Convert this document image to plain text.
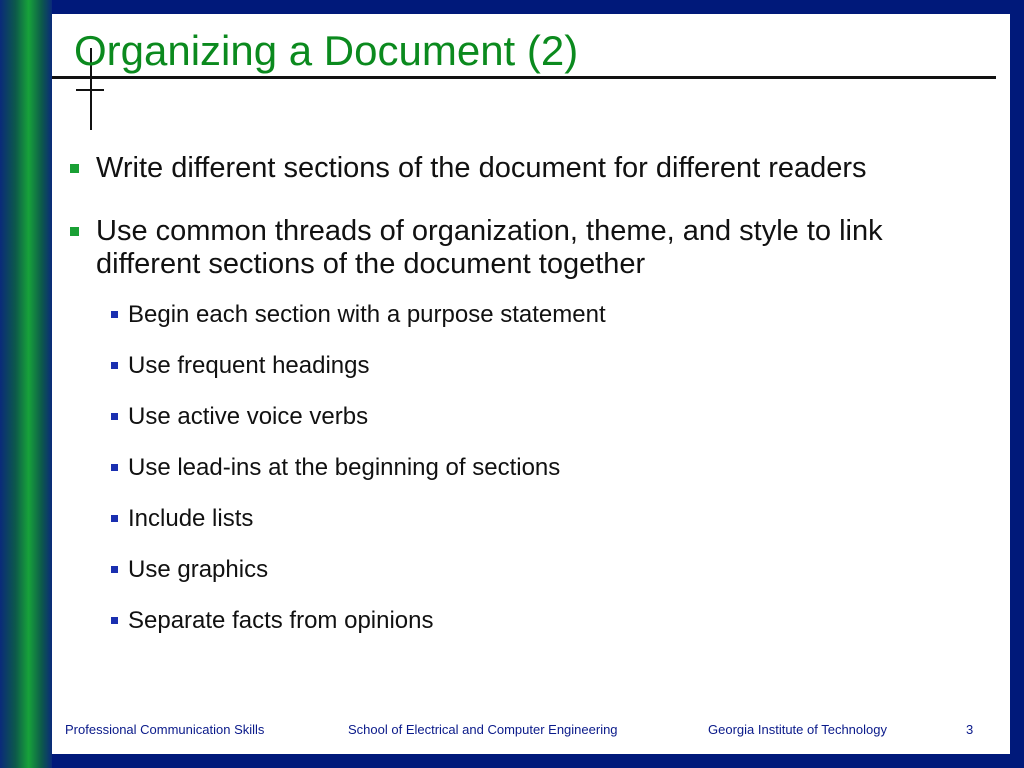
Organizing a Document (2)
Write different sections of the document for different readers
Use common threads of organization, theme, and style to link different sections of the document together
Begin each section with a purpose statement
Use frequent headings
Use active voice verbs
Use lead-ins at the beginning of sections
Include lists
Use graphics
Separate facts from opinions
Professional Communication Skills	School of Electrical and Computer Engineering	Georgia Institute of Technology	3
